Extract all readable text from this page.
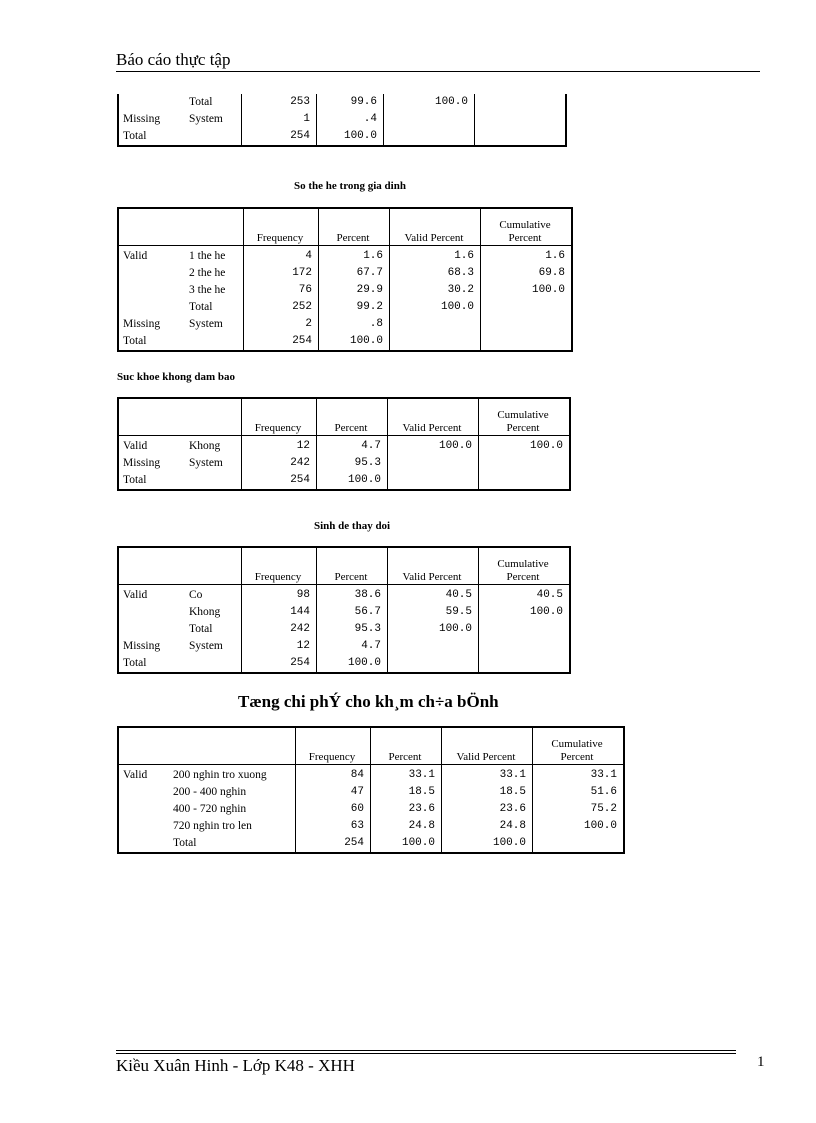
Báo cáo thực tập
	Total	253	99.6	100.0	
Missing	System	1	.4		
Total		254	100.0		
So the he trong gia dinh
		Frequency	Percent	Valid Percent	Cumulative
Percent
Valid	1 the he	4	1.6	1.6	1.6
	2 the he	172	67.7	68.3	69.8
	3 the he	76	29.9	30.2	100.0
	Total	252	99.2	100.0	
Missing	System	2	.8		
Total		254	100.0		
Suc khoe khong dam bao
		Frequency	Percent	Valid Percent	Cumulative
Percent
Valid	Khong	12	4.7	100.0	100.0
Missing	System	242	95.3		
Total		254	100.0		
Sinh de thay doi
		Frequency	Percent	Valid Percent	Cumulative
Percent
Valid	Co	98	38.6	40.5	40.5
	Khong	144	56.7	59.5	100.0
	Total	242	95.3	100.0	
Missing	System	12	4.7		
Total		254	100.0		
Tæng chi phÝ cho kh¸m ch÷a bÖnh
		Frequency	Percent	Valid Percent	Cumulative
Percent
Valid	200 nghin tro xuong	84	33.1	33.1	33.1
	200 - 400 nghin	47	18.5	18.5	51.6
	400 - 720 nghin	60	23.6	23.6	75.2
	720 nghin tro len	63	24.8	24.8	100.0
	Total	254	100.0	100.0	
Kiều Xuân Hinh - Lớp K48 - XHH	1
